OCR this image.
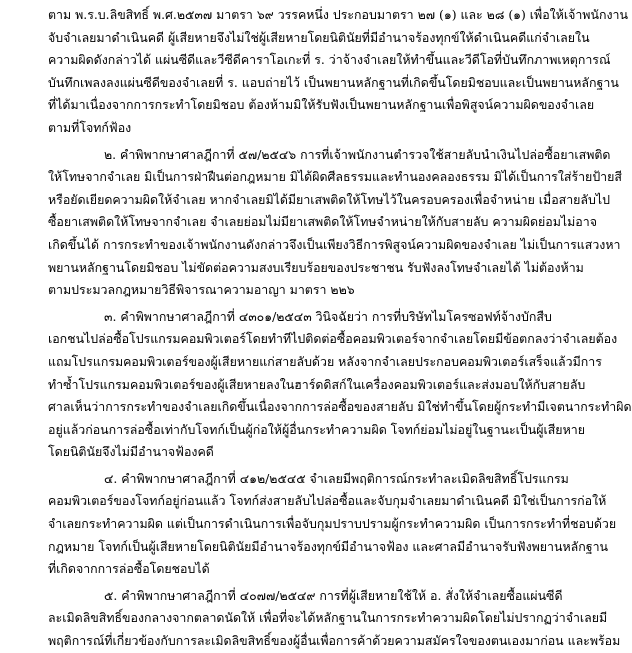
ตาม พ.ร.บ.ลิขสิทธิ์ พ.ศ.๒๕๓๗ มาตรา ๖๙ วรรคหนึ่ง ประกอบมาตรา ๒๗ (๑) และ ๒๘ (๑) เพื่อให้เจ้าพนักงาน
จับจำเลยมาดำเนินคดี ผู้เสียหายจึงไม่ใช่ผู้เสียหายโดยนิตินัยที่มีอำนาจร้องทุกข์ให้ดำเนินคดีแก่จำเลยใน
ความผิดดังกล่าวได้ แผ่นซีดีและวีซีดีคาราโอเกะที่ ร. ว่าจ้างจำเลยให้ทำขึ้นและวีดีโอที่บันทึกภาพเหตุการณ์
บันทึกเพลงลงแผ่นซีดีของจำเลยที่ ร. แอบถ่ายไว้ เป็นพยานหลักฐานที่เกิดขึ้นโดยมิชอบและเป็นพยานหลักฐาน
ที่ได้มาเนื่องจากการกระทำโดยมิชอบ ต้องห้ามมิให้รับฟังเป็นพยานหลักฐานเพื่อพิสูจน์ความผิดของจำเลย
ตามที่โจทก์ฟ้อง
๒. คำพิพากษาศาลฎีกาที่ ๕๗/๒๕๔๖ การที่เจ้าพนักงานตำรวจใช้สายลับนำเงินไปล่อซื้อยาเสพติด
ให้โทษจากจำเลย มิเป็นการฝ่าฝืนต่อกฎหมาย มิได้ผิดศีลธรรมและทำนองคลองธรรม มิได้เป็นการใส่ร้ายป้ายสี
หรือยัดเยียดความผิดให้จำเลย หากจำเลยมิได้มียาเสพติดให้โทษไว้ในครอบครองเพื่อจำหน่าย เมื่อสายลับไป
ซื้อยาเสพติดให้โทษจากจำเลย จำเลยย่อมไม่มียาเสพติดให้โทษจำหน่ายให้กับสายลับ ความผิดย่อมไม่อาจ
เกิดขึ้นได้ การกระทำของเจ้าพนักงานดังกล่าวจึงเป็นเพียงวิธีการพิสูจน์ความผิดของจำเลย ไม่เป็นการแสวงหา
พยานหลักฐานโดยมิชอบ ไม่ขัดต่อความสงบเรียบร้อยของประชาชน รับฟังลงโทษจำเลยได้ ไม่ต้องห้าม
ตามประมวลกฎหมายวิธีพิจารณาความอาญา มาตรา ๒๒๖
๓. คำพิพากษาศาลฎีกาที่ ๔๓๐๑/๒๕๔๓ วินิจฉัยว่า การที่บริษัทไมโครซอฟท์จ้างบักสืบ
เอกชนไปล่อซื้อโปรแกรมคอมพิวเตอร์โดยทำทีไปติดต่อซื้อคอมพิวเตอร์จากจำเลยโดยมีข้อตกลงว่าจำเลยต้อง
แถมโปรแกรมคอมพิวเตอร์ของผู้เสียหายแก่สายลับด้วย หลังจากจำเลยประกอบคอมพิวเตอร์เสร็จแล้วมีการ
ทำซ้ำโปรแกรมคอมพิวเตอร์ของผู้เสียหายลงในฮาร์ดดิสก์ในเครื่องคอมพิวเตอร์และส่งมอบให้กับสายลับ
ศาลเห็นว่าการกระทำของจำเลยเกิดขึ้นเนื่องจากการล่อซื้อของสายลับ มิใช่ทำขึ้นโดยผู้กระทำมีเจตนากระทำผิด
อยู่แล้วก่อนการล่อซื้อเท่ากับโจทก์เป็นผู้ก่อให้ผู้อื่นกระทำความผิด โจทก์ย่อมไม่อยู่ในฐานะเป็นผู้เสียหาย
โดยนิตินัยจึงไม่มีอำนาจฟ้องคดี
๔. คำพิพากษาศาลฎีกาที่ ๔๑๒/๒๕๔๕ จำเลยมีพฤติการณ์กระทำละเมิดลิขสิทธิ์โปรแกรม
คอมพิวเตอร์ของโจทก์อยู่ก่อนแล้ว โจทก์ส่งสายลับไปล่อซื้อและจับกุมจำเลยมาดำเนินคดี มิใช่เป็นการก่อให้
จำเลยกระทำความผิด แต่เป็นการดำเนินการเพื่อจับกุมปราบปรามผู้กระทำความผิด เป็นการกระทำที่ชอบด้วย
กฎหมาย โจทก์เป็นผู้เสียหายโดยนิตินัยมีอำนาจร้องทุกข์มีอำนาจฟ้อง และศาลมีอำนาจรับฟังพยานหลักฐาน
ที่เกิดจากการล่อซื้อโดยชอบได้
๕. คำพิพากษาศาลฎีกาที่ ๔๐๗๗/๒๕๔๙ การที่ผู้เสียหายใช้ให้ อ. สั่งให้จำเลยซื้อแผ่นซีดี
ละเมิดลิขสิทธิ์ของกลางจากตลาดนัดให้ เพื่อที่จะได้หลักฐานในการกระทำความผิดโดยไม่ปรากฏว่าจำเลยมี
พฤติการณ์ที่เกี่ยวข้องกับการละเมิดลิขสิทธิ์ของผู้อื่นเพื่อการค้าด้วยความสมัครใจของตนเองมาก่อน และพร้อม
